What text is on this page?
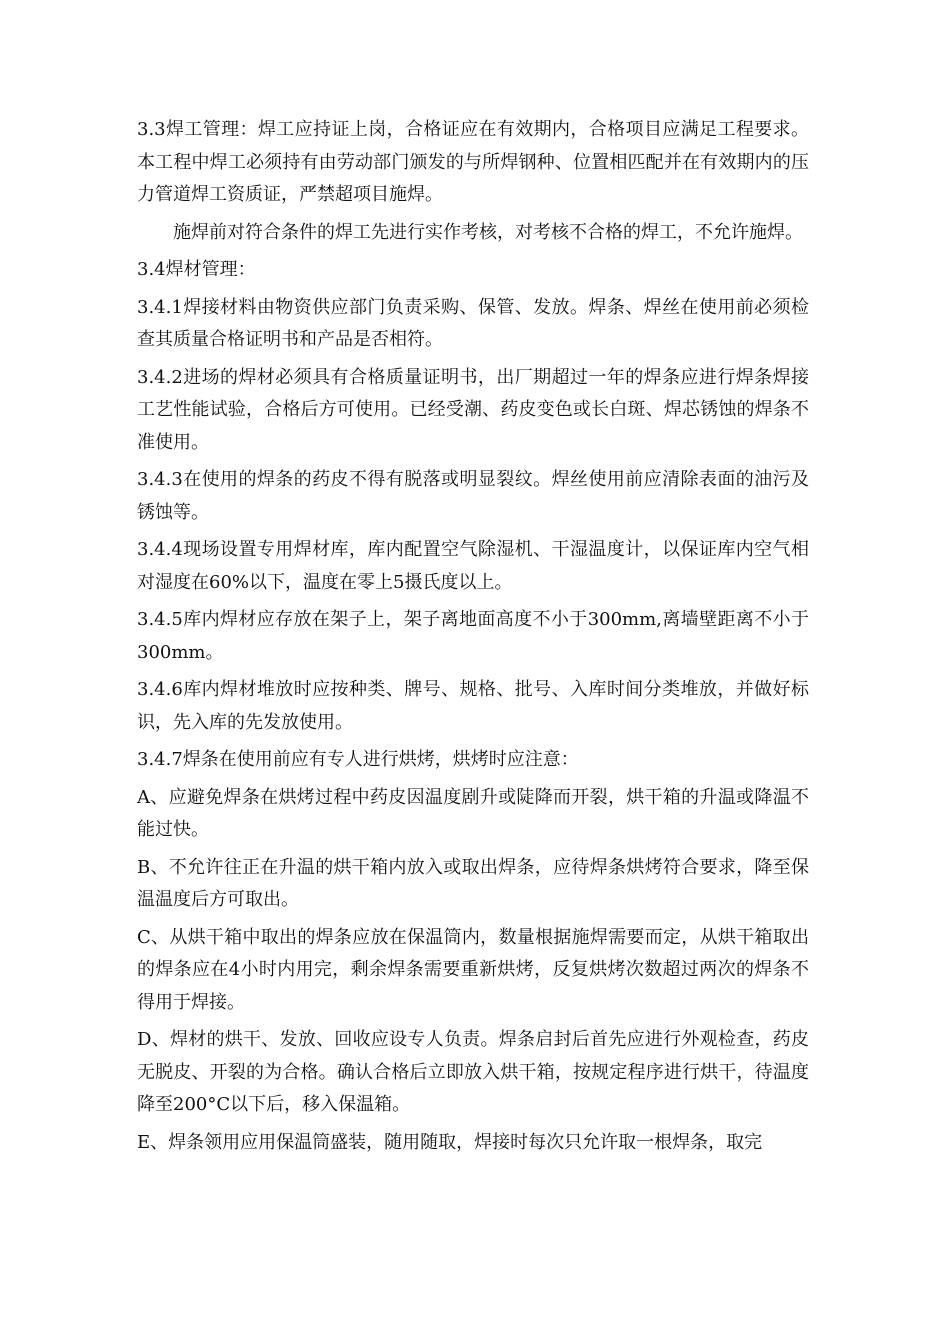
3.3焊工管理：焊工应持证上岗，合格证应在有效期内，合格项目应满足工程要求。本工程中焊工必须持有由劳动部门颁发的与所焊钢种、位置相匹配并在有效期内的压力管道焊工资质证，严禁超项目施焊。

施焊前对符合条件的焊工先进行实作考核，对考核不合格的焊工，不允许施焊。

3.4焊材管理：

3.4.1焊接材料由物资供应部门负责采购、保管、发放。焊条、焊丝在使用前必须检查其质量合格证明书和产品是否相符。

3.4.2进场的焊材必须具有合格质量证明书，出厂期超过一年的焊条应进行焊条焊接工艺性能试验，合格后方可使用。已经受潮、药皮变色或长白斑、焊芯锈蚀的焊条不准使用。

3.4.3在使用的焊条的药皮不得有脱落或明显裂纹。焊丝使用前应清除表面的油污及锈蚀等。

3.4.4现场设置专用焊材库，库内配置空气除湿机、干湿温度计，以保证库内空气相对湿度在60%以下，温度在零上5摄氏度以上。

3.4.5库内焊材应存放在架子上，架子离地面高度不小于300mm,离墙壁距离不小于300mm。

3.4.6库内焊材堆放时应按种类、牌号、规格、批号、入库时间分类堆放，并做好标识，先入库的先发放使用。

3.4.7焊条在使用前应有专人进行烘烤，烘烤时应注意：

A、应避免焊条在烘烤过程中药皮因温度剧升或陡降而开裂，烘干箱的升温或降温不能过快。

B、不允许往正在升温的烘干箱内放入或取出焊条，应待焊条烘烤符合要求，降至保温温度后方可取出。

C、从烘干箱中取出的焊条应放在保温筒内，数量根据施焊需要而定，从烘干箱取出的焊条应在4小时内用完，剩余焊条需要重新烘烤，反复烘烤次数超过两次的焊条不得用于焊接。

D、焊材的烘干、发放、回收应设专人负责。焊条启封后首先应进行外观检查，药皮无脱皮、开裂的为合格。确认合格后立即放入烘干箱，按规定程序进行烘干，待温度降至200°C以下后，移入保温箱。

E、焊条领用应用保温筒盛装，随用随取，焊接时每次只允许取一根焊条，取完
